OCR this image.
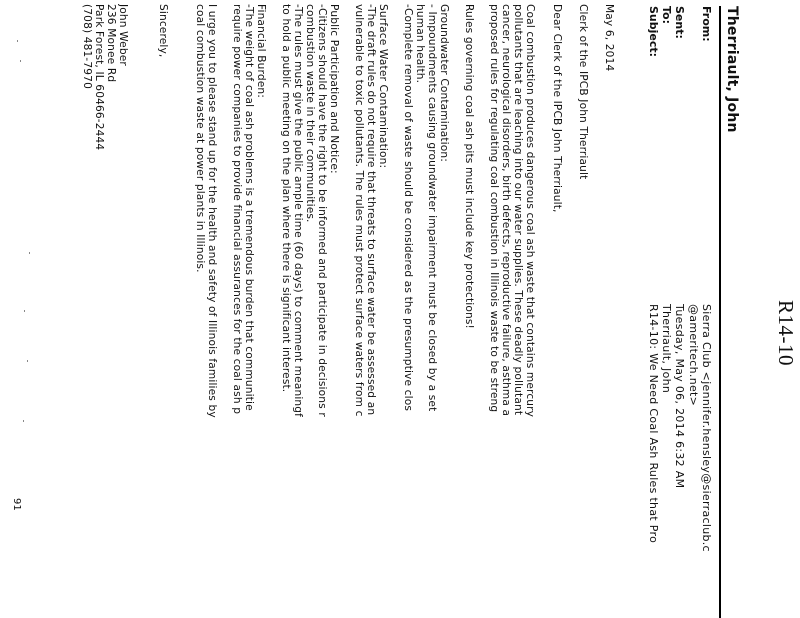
R14-10
Therriault, John
From:
Sent:
To:
Subject:
Sierra Club <jennifer.hensley@sierraclub.c
@ameritech.net>
Tuesday, May 06, 2014 6:32 AM
Therriault, John
R14-10: We Need Coal Ash Rules that Pro
May 6, 2014
Clerk of the IPCB John Therriault
Dear Clerk of the IPCB John Therriault,
Coal combustion produces dangerous coal ash waste that contains mercury
pollutants that are leaching into our water supplies. These deadly pollutant
cancer, neurological disorders, birth defects, reproductive failure, asthma a
proposed rules for regulating coal combustion in Illinois waste to be streng
Rules governing coal ash pits must include key protections!
Groundwater Contamination:
- Impoundments causing groundwater impairment must be closed by a set
human health.
-Complete removal of waste should be considered as the presumptive clos
Surface Water Contamination:
-The draft rules do not require that threats to surface water be assessed an
vulnerable to toxic pollutants. The rules must protect surface waters from c
Public Participation and Notice:
-Citizens should have the right to be informed and participate in decisions r
combustion waste in their communities.
-The rules must give the public ample time (60 days) to comment meaningf
to hold a public meeting on the plan where there is significant interest.
Financial Burden:
-The weight of coal ash problems is a tremendous burden that communitie
require power companies to provide financial assurances for the coal ash p
I urge you to please stand up for the health and safety of Illinois families by
coal combustion waste at power plants in Illinois.
Sincerely,
John Weber
236 Monee Rd
Park Forest, IL 60466-2444
(708) 481-7970
91
